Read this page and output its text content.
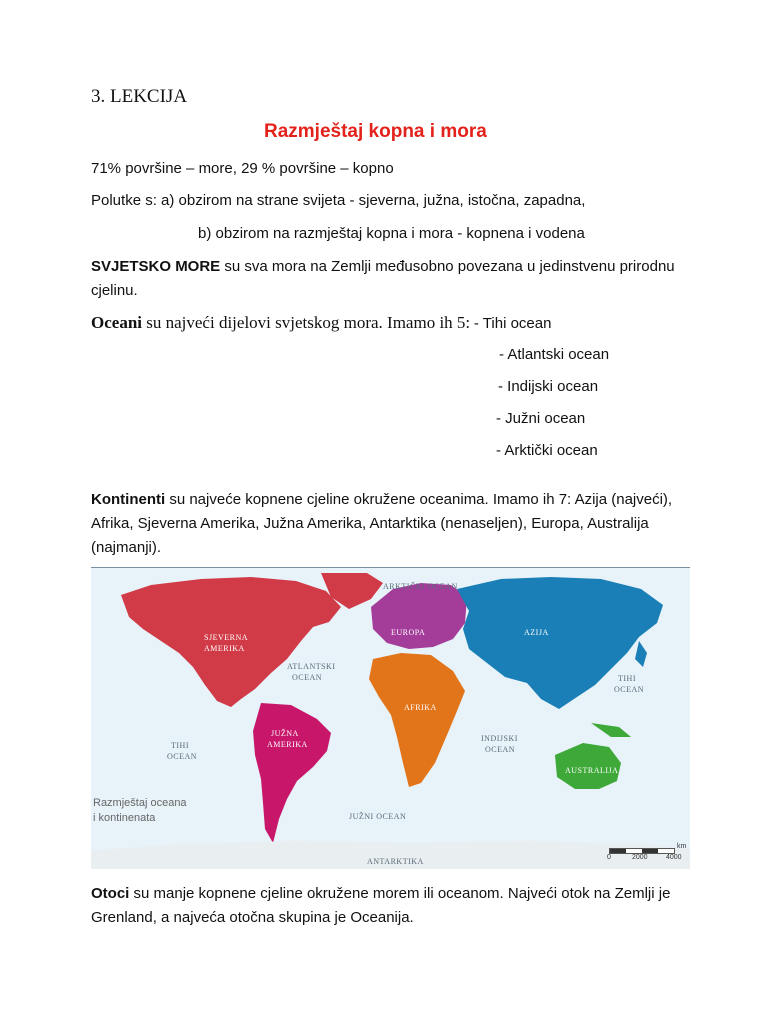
3. LEKCIJA
Razmještaj kopna i mora
71% površine – more, 29 % površine – kopno
Polutke s: a) obzirom na strane svijeta - sjeverna, južna, istočna, zapadna,
b) obzirom na razmještaj kopna i mora - kopnena i vodena
SVJETSKO MORE su sva mora na Zemlji međusobno povezana u jedinstvenu prirodnu cjelinu.
Oceani su najveći dijelovi svjetskog mora. Imamo ih 5: - Tihi ocean
- Atlantski ocean
- Indijski ocean
- Južni ocean
- Arktički ocean
Kontinenti su najveće kopnene cjeline okružene oceanima. Imamo ih 7: Azija (najveći), Afrika, Sjeverna Amerika, Južna Amerika, Antarktika (nenaseljen), Europa, Australija (najmanji).
ARKTIČKI OCEAN
EUROPA	AZIJA
SJEVERNA
AMERIKA
ATLANTSKI
OCEAN
AFRIKA
TIHI
OCEAN
JUŽNA
AMERIKA
TIHI
OCEAN
INDIJSKI
OCEAN
AUSTRALIJA
JUŽNI OCEAN
ANTARKTIKA
Razmještaj oceana
i kontinenata
0	2000	4000
km
Otoci su manje kopnene cjeline okružene morem ili oceanom. Najveći otok na Zemlji je Grenland, a najveća otočna skupina je Oceanija.
